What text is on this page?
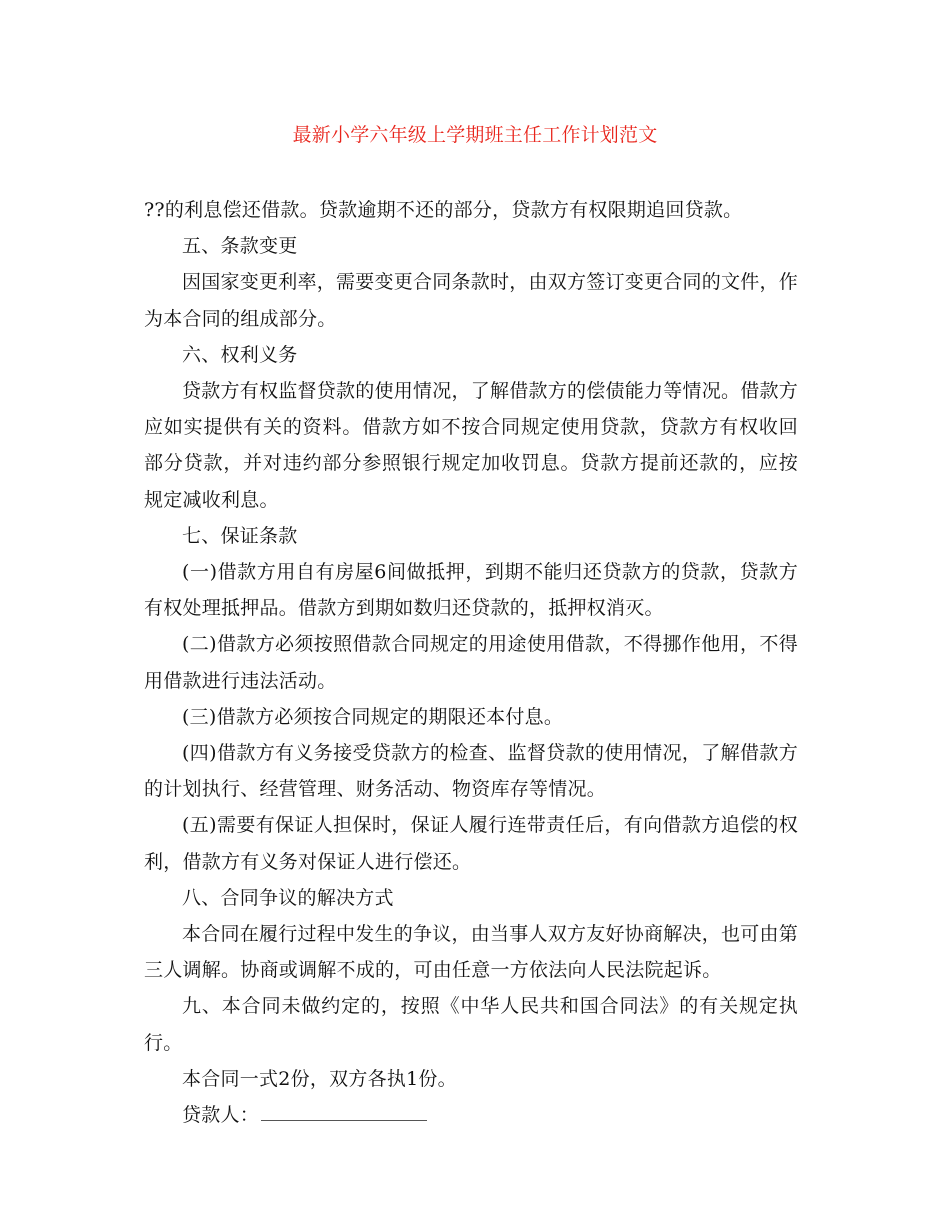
最新小学六年级上学期班主任工作计划范文

??的利息偿还借款。贷款逾期不还的部分，贷款方有权限期追回贷款。

五、条款变更

因国家变更利率，需要变更合同条款时，由双方签订变更合同的文件，作为本合同的组成部分。

六、权利义务

贷款方有权监督贷款的使用情况，了解借款方的偿债能力等情况。借款方应如实提供有关的资料。借款方如不按合同规定使用贷款，贷款方有权收回部分贷款，并对违约部分参照银行规定加收罚息。贷款方提前还款的，应按规定减收利息。

七、保证条款

(一)借款方用自有房屋6间做抵押，到期不能归还贷款方的贷款，贷款方有权处理抵押品。借款方到期如数归还贷款的，抵押权消灭。

(二)借款方必须按照借款合同规定的用途使用借款，不得挪作他用，不得用借款进行违法活动。

(三)借款方必须按合同规定的期限还本付息。

(四)借款方有义务接受贷款方的检查、监督贷款的使用情况，了解借款方的计划执行、经营管理、财务活动、物资库存等情况。

(五)需要有保证人担保时，保证人履行连带责任后，有向借款方追偿的权利，借款方有义务对保证人进行偿还。

八、合同争议的解决方式

本合同在履行过程中发生的争议，由当事人双方友好协商解决，也可由第三人调解。协商或调解不成的，可由任意一方依法向人民法院起诉。

九、本合同未做约定的，按照《中华人民共和国合同法》的有关规定执行。

本合同一式2份，双方各执1份。

贷款人：
